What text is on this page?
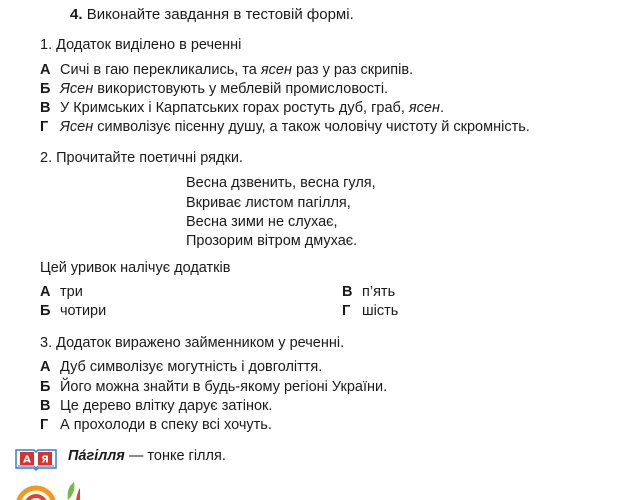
4. Виконайте завдання в тестовій формі.
1. Додаток виділено в реченні
А Сичі в гаю перекликались, та ясен раз у раз скрипів.
Б Ясен використовують у меблевій промисловості.
В У Кримських і Карпатських горах ростуть дуб, граб, ясен.
Г Ясен символізує пісенну душу, а також чоловічу чистоту й скромність.
2. Прочитайте поетичні рядки.
Весна дзвенить, весна гуля,
Вкриває листом пагілля,
Весна зими не слухає,
Прозорим вітром дмухає.
Цей уривок налічує додатків
А три
Б чотири
В п’ять
Г шість
3. Додаток виражено займенником у реченні.
А Дуб символізує могутність і довголіття.
Б Його можна знайти в будь-якому регіоні України.
В Це дерево влітку дарує затінок.
Г А прохолоди в спеку всі хочуть.
А Я Па́гілля — тонке гілля.
